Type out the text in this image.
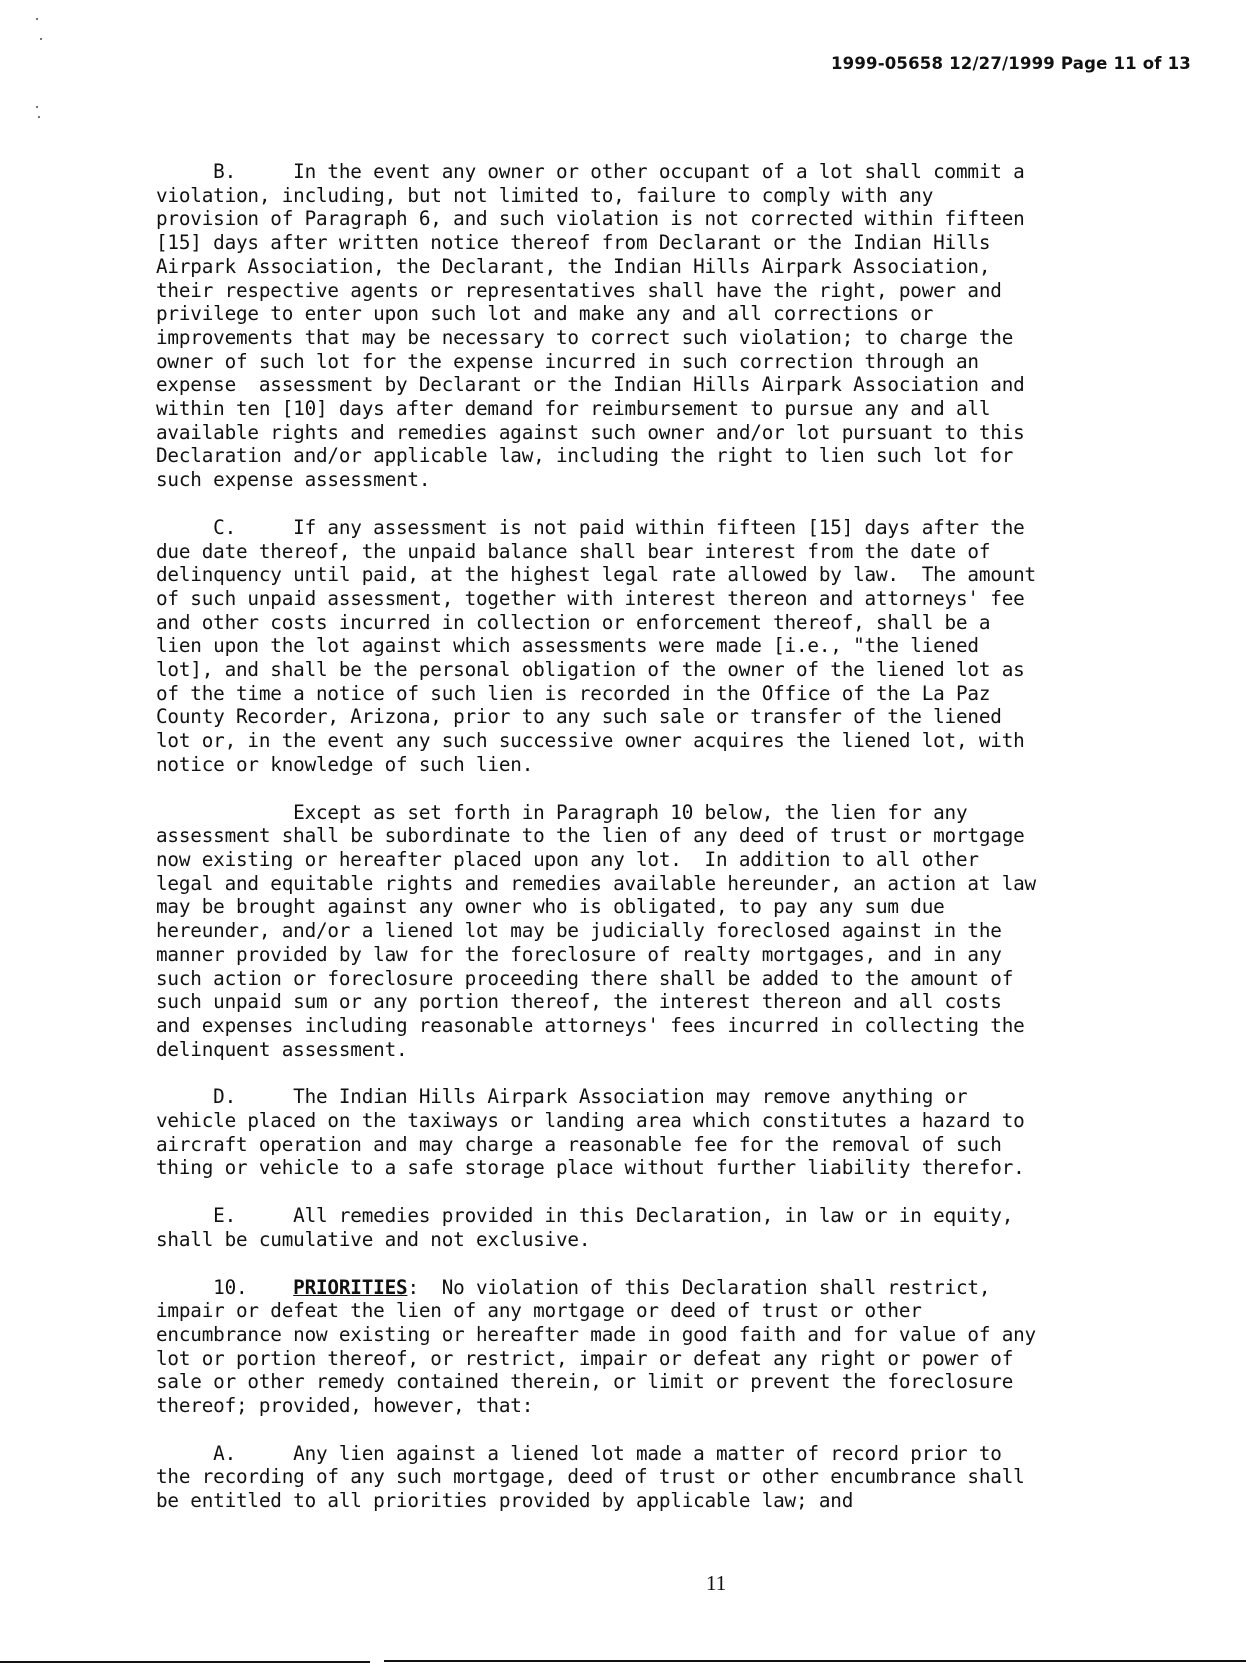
1999-05658 12/27/1999 Page 11 of 13

B.     In the event any owner or other occupant of a lot shall commit a
violation, including, but not limited to, failure to comply with any
provision of Paragraph 6, and such violation is not corrected within fifteen
[15] days after written notice thereof from Declarant or the Indian Hills
Airpark Association, the Declarant, the Indian Hills Airpark Association,
their respective agents or representatives shall have the right, power and
privilege to enter upon such lot and make any and all corrections or
improvements that may be necessary to correct such violation; to charge the
owner of such lot for the expense incurred in such correction through an
expense  assessment by Declarant or the Indian Hills Airpark Association and
within ten [10] days after demand for reimbursement to pursue any and all
available rights and remedies against such owner and/or lot pursuant to this
Declaration and/or applicable law, including the right to lien such lot for
such expense assessment.

C.     If any assessment is not paid within fifteen [15] days after the
due date thereof, the unpaid balance shall bear interest from the date of
delinquency until paid, at the highest legal rate allowed by law.  The amount
of such unpaid assessment, together with interest thereon and attorneys' fee
and other costs incurred in collection or enforcement thereof, shall be a
lien upon the lot against which assessments were made [i.e., "the liened
lot], and shall be the personal obligation of the owner of the liened lot as
of the time a notice of such lien is recorded in the Office of the La Paz
County Recorder, Arizona, prior to any such sale or transfer of the liened
lot or, in the event any such successive owner acquires the liened lot, with
notice or knowledge of such lien.

Except as set forth in Paragraph 10 below, the lien for any
assessment shall be subordinate to the lien of any deed of trust or mortgage
now existing or hereafter placed upon any lot.  In addition to all other
legal and equitable rights and remedies available hereunder, an action at law
may be brought against any owner who is obligated, to pay any sum due
hereunder, and/or a liened lot may be judicially foreclosed against in the
manner provided by law for the foreclosure of realty mortgages, and in any
such action or foreclosure proceeding there shall be added to the amount of
such unpaid sum or any portion thereof, the interest thereon and all costs
and expenses including reasonable attorneys' fees incurred in collecting the
delinquent assessment.

D.     The Indian Hills Airpark Association may remove anything or
vehicle placed on the taxiways or landing area which constitutes a hazard to
aircraft operation and may charge a reasonable fee for the removal of such
thing or vehicle to a safe storage place without further liability therefor.

E.     All remedies provided in this Declaration, in law or in equity,
shall be cumulative and not exclusive.

10.    PRIORITIES:  No violation of this Declaration shall restrict,
impair or defeat the lien of any mortgage or deed of trust or other
encumbrance now existing or hereafter made in good faith and for value of any
lot or portion thereof, or restrict, impair or defeat any right or power of
sale or other remedy contained therein, or limit or prevent the foreclosure
thereof; provided, however, that:

A.     Any lien against a liened lot made a matter of record prior to
the recording of any such mortgage, deed of trust or other encumbrance shall
be entitled to all priorities provided by applicable law; and

11
